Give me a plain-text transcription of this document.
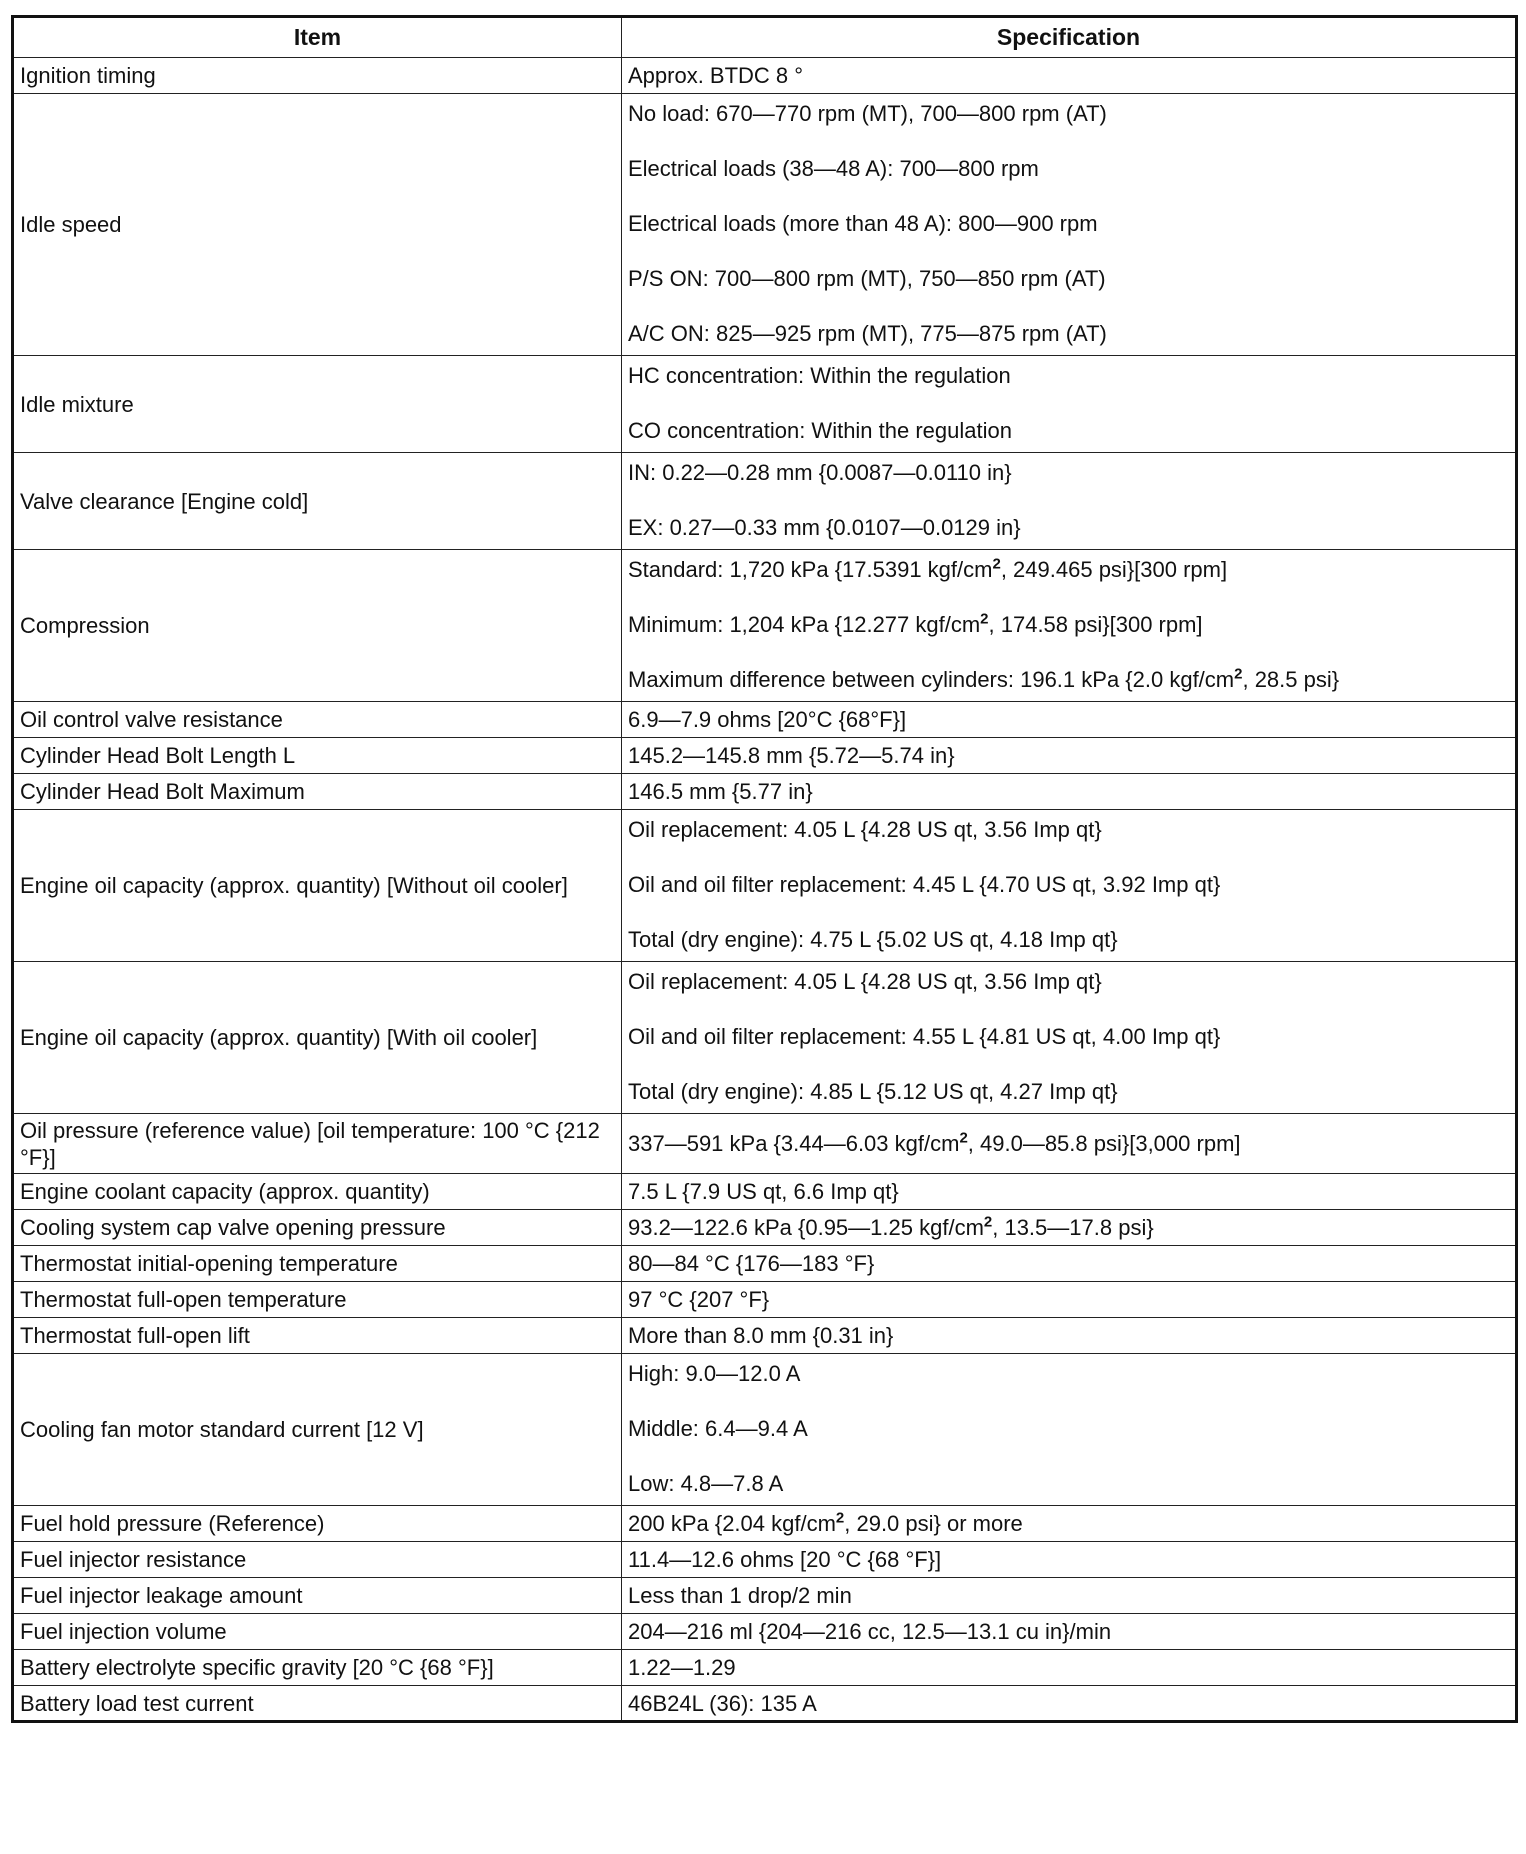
Item	Specification
Ignition timing	Approx. BTDC 8 °
Idle speed	No load: 670—770 rpm (MT), 700—800 rpm (AT)
Electrical loads (38—48 A): 700—800 rpm
Electrical loads (more than 48 A): 800—900 rpm
P/S ON: 700—800 rpm (MT), 750—850 rpm (AT)
A/C ON: 825—925 rpm (MT), 775—875 rpm (AT)

Idle mixture	HC concentration: Within the regulation
CO concentration: Within the regulation

Valve clearance [Engine cold]	IN: 0.22—0.28 mm {0.0087—0.0110 in}
EX: 0.27—0.33 mm {0.0107—0.0129 in}

Compression	Standard: 1,720 kPa {17.5391 kgf/$cm^2$, 249.465 psi}[300 rpm]
Minimum: 1,204 kPa {12.277 kgf/$cm^2$, 174.58 psi}[300 rpm]
Maximum difference between cylinders: 196.1 kPa {2.0 kgf/$cm^2$, 28.5 psi}

Oil control valve resistance	6.9—7.9 ohms [20°C {68°F}]
Cylinder Head Bolt Length L	145.2—145.8 mm {5.72—5.74 in}
Cylinder Head Bolt Maximum	146.5 mm {5.77 in}
Engine oil capacity (approx. quantity) [Without oil cooler]	Oil replacement: 4.05 L {4.28 US qt, 3.56 Imp qt}
Oil and oil filter replacement: 4.45 L {4.70 US qt, 3.92 Imp qt}
Total (dry engine): 4.75 L {5.02 US qt, 4.18 Imp qt}

Engine oil capacity (approx. quantity) [With oil cooler]	Oil replacement: 4.05 L {4.28 US qt, 3.56 Imp qt}
Oil and oil filter replacement: 4.55 L {4.81 US qt, 4.00 Imp qt}
Total (dry engine): 4.85 L {5.12 US qt, 4.27 Imp qt}

Oil pressure (reference value) [oil temperature: 100 °C {212 °F}]	337—591 kPa {3.44—6.03 kgf/$cm^2$, 49.0—85.8 psi}[3,000 rpm]
Engine coolant capacity (approx. quantity)	7.5 L {7.9 US qt, 6.6 Imp qt}
Cooling system cap valve opening pressure	93.2—122.6 kPa {0.95—1.25 kgf/$cm^2$, 13.5—17.8 psi}
Thermostat initial-opening temperature	80—84 °C {176—183 °F}
Thermostat full-open temperature	97 °C {207 °F}
Thermostat full-open lift	More than 8.0 mm {0.31 in}
Cooling fan motor standard current [12 V]	High: 9.0—12.0 A
Middle: 6.4—9.4 A
Low: 4.8—7.8 A

Fuel hold pressure (Reference)	200 kPa {2.04 kgf/$cm^2$, 29.0 psi} or more
Fuel injector resistance	11.4—12.6 ohms [20 °C {68 °F}]
Fuel injector leakage amount	Less than 1 drop/2 min
Fuel injection volume	204—216 ml {204—216 cc, 12.5—13.1 cu in}/min
Battery electrolyte specific gravity [20 °C {68 °F}]	1.22—1.29
Battery load test current	46B24L (36): 135 A
